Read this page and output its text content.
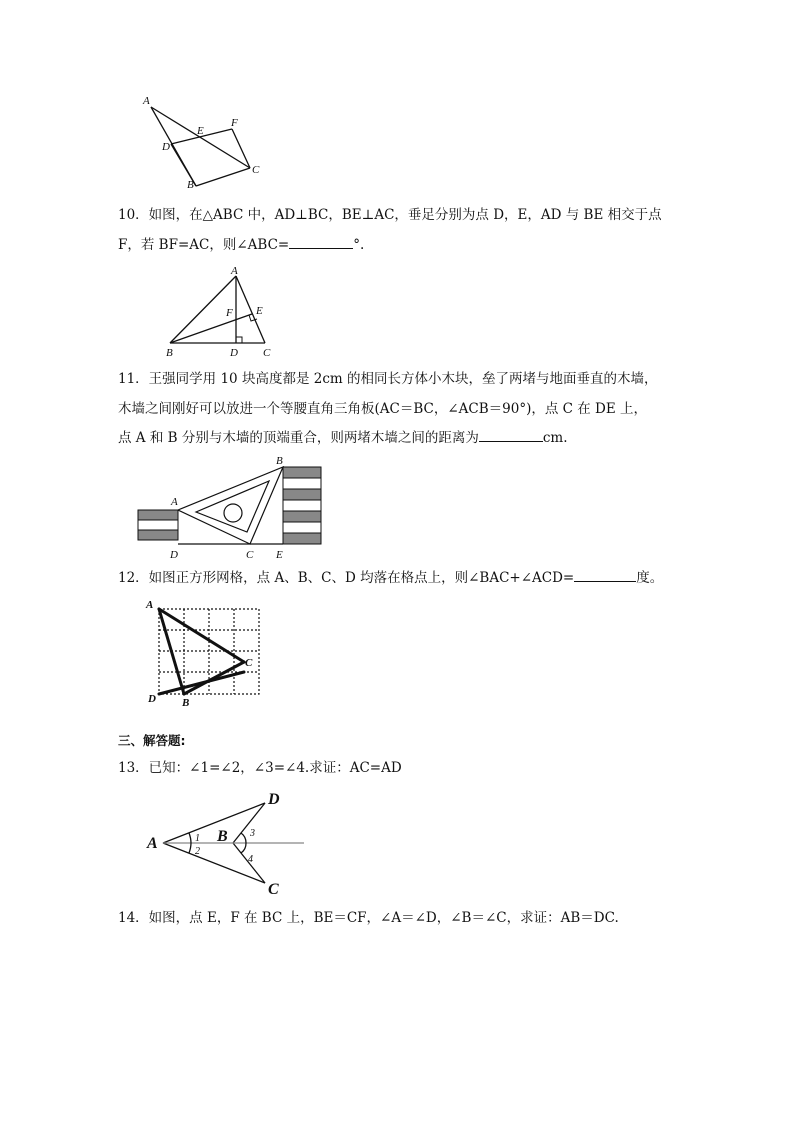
A
E
F
D
C
B
10．如图，在△ABC 中，AD⊥BC，BE⊥AC，垂足分别为点 D，E，AD 与 BE 相交于点
F，若 BF=AC，则∠ABC=	°.
A
F E
B	D C
11．王强同学用 10 块高度都是 2cm 的相同长方体小木块，垒了两堵与地面垂直的木墙，
木墙之间刚好可以放进一个等腰直角三角板(AC＝BC，∠ACB＝90°)，点 C 在 DE 上，
点 A 和 B 分别与木墙的顶端重合，则两堵木墙之间的距离为	cm.
A
B
D	C E
12．如图正方形网格，点 A、B、C、D 均落在格点上，则∠BAC+∠ACD=	度。
A
C
D B
三、解答题:
13．已知：∠1=∠2，∠3=∠4.求证：AC=AD
A	B
D
C
1
2
3
4
14．如图，点 E，F 在 BC 上，BE＝CF，∠A＝∠D，∠B＝∠C，求证：AB＝DC.
